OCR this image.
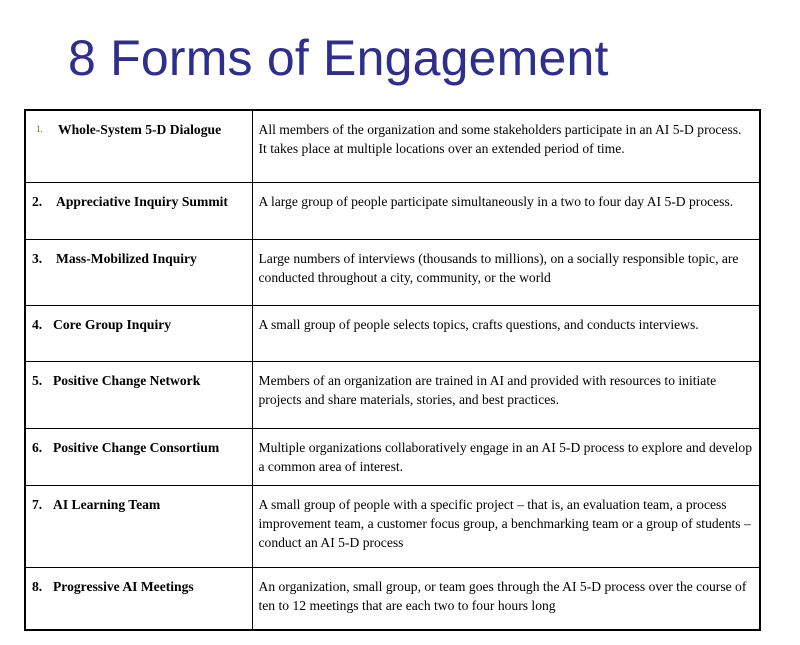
8 Forms of Engagement
1. Whole-System 5-D Dialogue	All members of the organization and some stakeholders participate in an AI 5-D process. It takes place at multiple locations over an extended period of time.

2. Appreciative Inquiry Summit	A large group of people participate simultaneously in a two to four day AI 5-D process.

3. Mass-Mobilized Inquiry	Large numbers of interviews (thousands to millions), on a socially responsible topic, are conducted throughout a city, community, or the world

4. Core Group Inquiry	A small group of people selects topics, crafts questions, and conducts interviews.

5. Positive Change Network	Members of an organization are trained in AI and provided with resources to initiate projects and share materials, stories, and best practices.

6. Positive Change Consortium	Multiple organizations collaboratively engage in an AI 5-D process to explore and develop a common area of interest.

7. AI Learning Team	A small group of people with a specific project – that is, an evaluation team, a process improvement team, a customer focus group, a benchmarking team or a group of students – conduct an AI 5-D process

8. Progressive AI Meetings	An organization, small group, or team goes through the AI 5-D process over the course of ten to 12 meetings that are each two to four hours long
